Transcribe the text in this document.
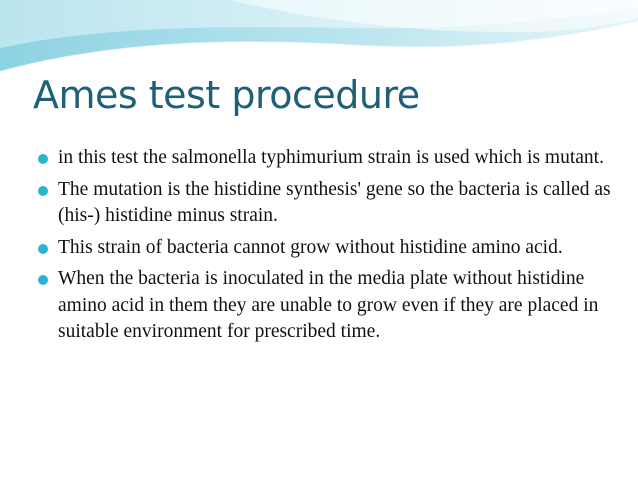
Ames test procedure
in this test the salmonella typhimurium strain is used which is mutant.
The mutation is the histidine synthesis' gene so the bacteria is called as (his-) histidine minus strain.
This strain of bacteria cannot grow without histidine amino acid.
When the bacteria is inoculated in the media plate without histidine amino acid in them they are unable to grow even if they are placed in suitable environment for prescribed time.
